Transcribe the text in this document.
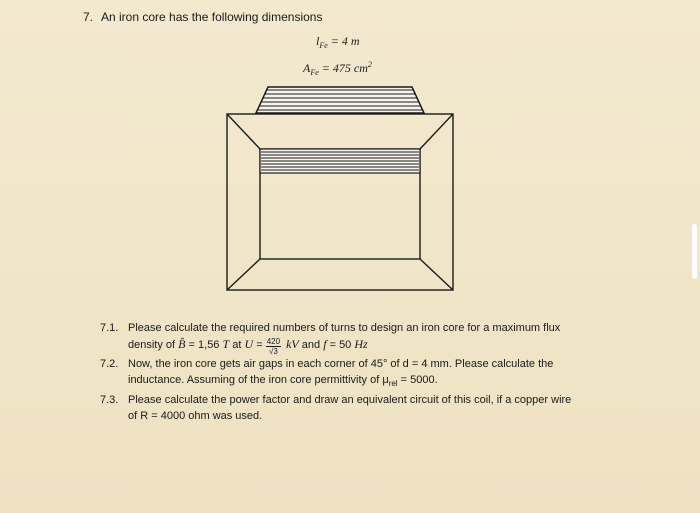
7. An iron core has the following dimensions
$l_{Fe} = 4$ m
$A_{Fe} = 475$ $cm^2$
7.1. Please calculate the required numbers of turns to design an iron core for a maximum flux
density of B̂ = 1,56 T at $U = \frac{420}{√3}$ kV and f = 50 Hz
7.2. Now, the iron core gets air gaps in each corner of 45° of d = 4 mm. Please calculate the
inductance. Assuming of the iron core permittivity of $\mu_{rel} = 5000$.
7.3. Please calculate the power factor and draw an equivalent circuit of this coil, if a copper wire
of R = 4000 ohm was used.
